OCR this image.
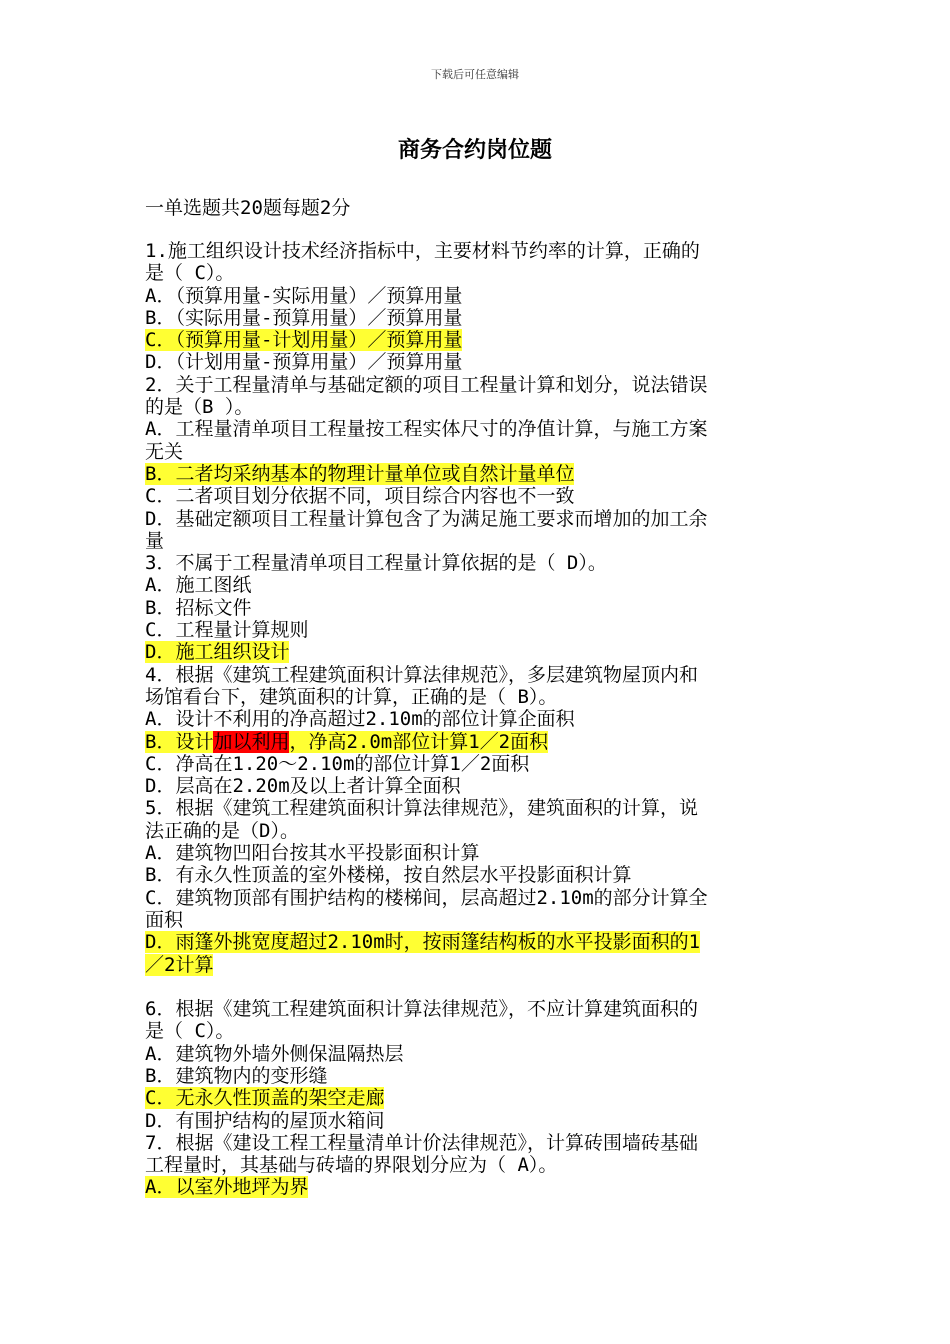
下载后可任意编辑
商务合约岗位题
一单选题共20题每题2分
1.施工组织设计技术经济指标中，主要材料节约率的计算，正确的
是（ C）。
A．（预算用量-实际用量）／预算用量
B．（实际用量-预算用量）／预算用量
C．（预算用量-计划用量）／预算用量
D．（计划用量-预算用量）／预算用量
2．关于工程量清单与基础定额的项目工程量计算和划分，说法错误
的是（B ）。
A．工程量清单项目工程量按工程实体尺寸的净值计算，与施工方案
无关
B．二者均采纳基本的物理计量单位或自然计量单位
C．二者项目划分依据不同，项目综合内容也不一致
D．基础定额项目工程量计算包含了为满足施工要求而增加的加工余
量
3．不属于工程量清单项目工程量计算依据的是（ D）。
A．施工图纸
B．招标文件
C．工程量计算规则
D．施工组织设计
4．根据《建筑工程建筑面积计算法律规范》，多层建筑物屋顶内和
场馆看台下，建筑面积的计算，正确的是（ B）。
A．设计不利用的净高超过2.10m的部位计算企面积
B．设计加以利用，净高2.0m部位计算1／2面积
C．净高在1.20～2.10m的部位计算1／2面积
D．层高在2.20m及以上者计算全面积
5．根据《建筑工程建筑面积计算法律规范》，建筑面积的计算，说
法正确的是（D）。
A．建筑物凹阳台按其水平投影面积计算
B．有永久性顶盖的室外楼梯，按自然层水平投影面积计算
C．建筑物顶部有围护结构的楼梯间，层高超过2.10m的部分计算全
面积
D．雨篷外挑宽度超过2.10m时，按雨篷结构板的水平投影面积的1
／2计算
6．根据《建筑工程建筑面积计算法律规范》，不应计算建筑面积的
是（ C）。
A．建筑物外墙外侧保温隔热层
B．建筑物内的变形缝
C．无永久性顶盖的架空走廊
D．有围护结构的屋顶水箱间
7．根据《建设工程工程量清单计价法律规范》，计算砖围墙砖基础
工程量时，其基础与砖墙的界限划分应为（ A）。
A．以室外地坪为界
